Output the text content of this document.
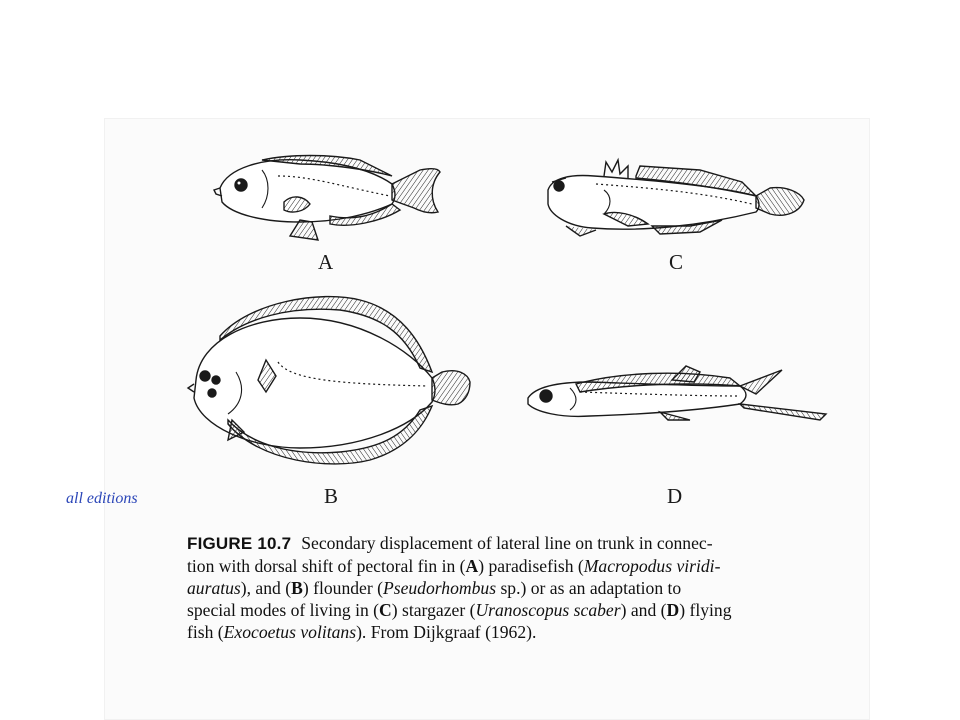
all editions
A	C
B	D

FIGURE 10.7 Secondary displacement of lateral line on trunk in connec-

tion with dorsal shift of pectoral fin in (A) paradisefish (Macropodus viridi-

auratus), and (B) flounder (Pseudorhombus sp.) or as an adaptation to

special modes of living in (C) stargazer (Uranoscopus scaber) and (D) flying

fish (Exocoetus volitans). From Dijkgraaf (1962).
